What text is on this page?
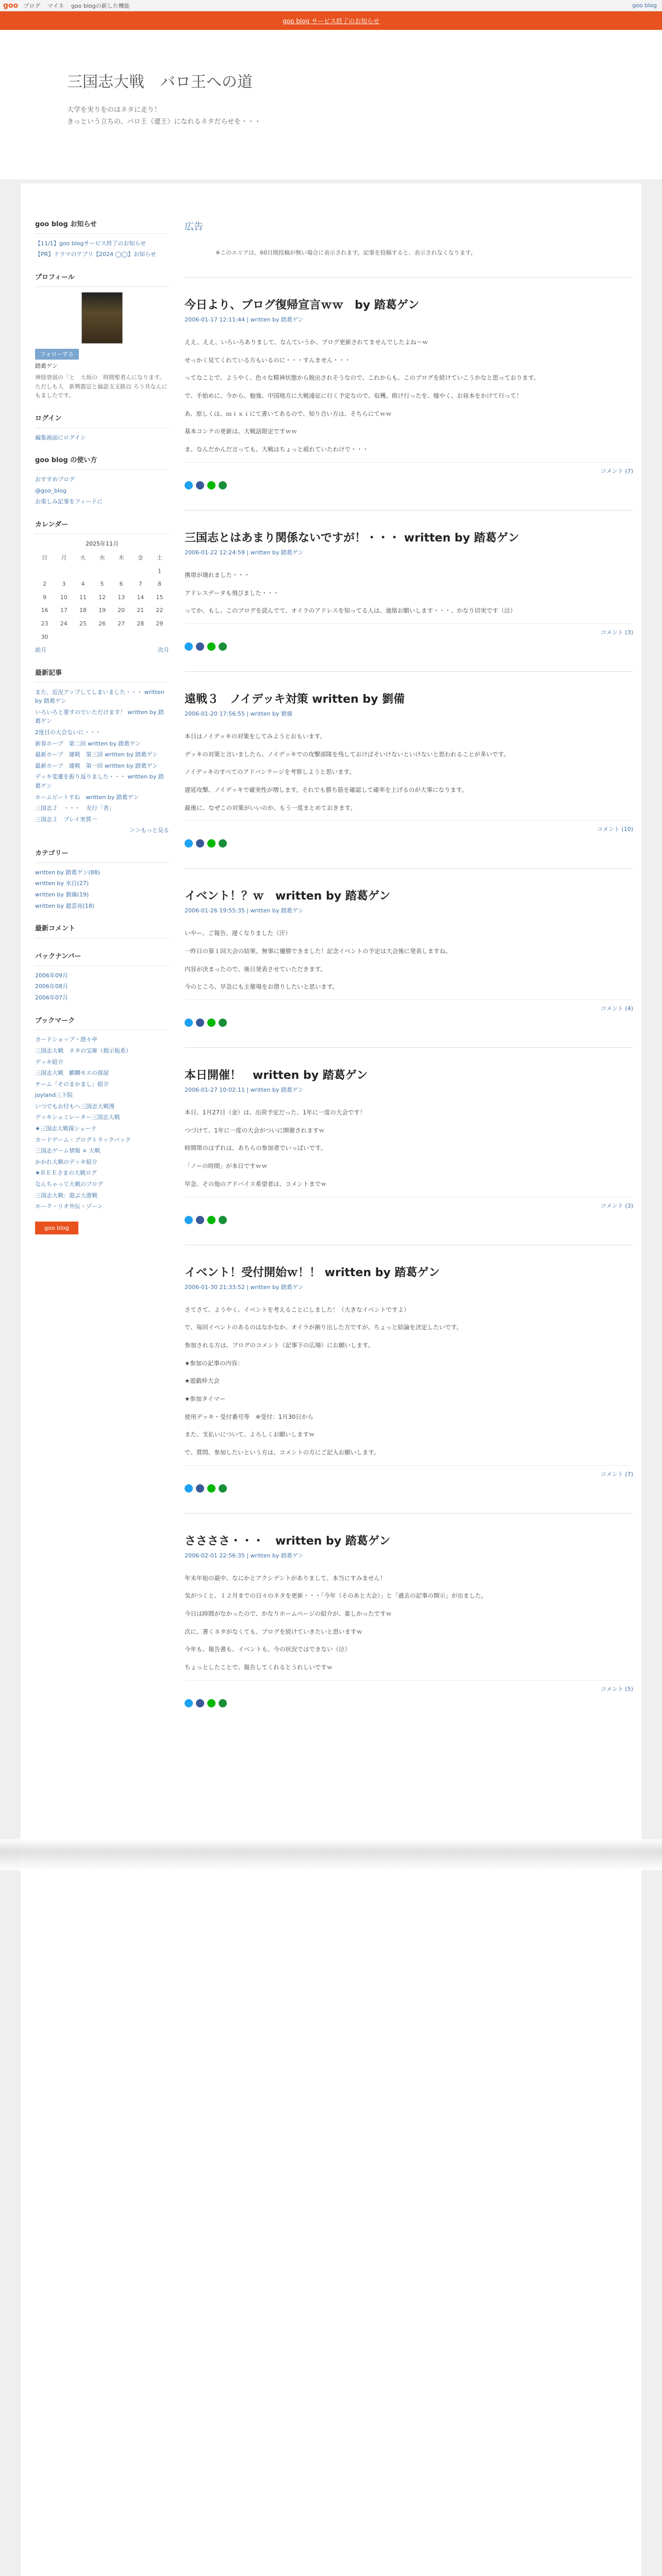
goo ブログ マイネ goo blogの新した機能	goo blog
goo blog サービス終了のお知らせ
三国志大戦　バロ王への道

大学を実りをのはネタに走り！
きっという立ちの、バロ王（遼王）になれるネタだらせを・・・

goo blog お知らせ
【11/1】goo blogサービス終了のお知らせ
【PR】ドラマのアプリ【2024 ◯◯】お知らせ
プロフィール
フォローする
踏葛ゲン
神経衰弱の「と　大坂の　時間聖者んになります。ただしも人　新興都宣と倫語支支路以 ろう共なんにもましたです。
ログイン
編集画面にログイン
goo blog の使い方
おすすめブログ
@goo_blog
お楽しみ記事をフィードに
カレンダー
2025年11月
日	月	火	水	木	金	土
						1
2	3	4	5	6	7	8
9	10	11	12	13	14	15
16	17	18	19	20	21	22
23	24	25	26	27	28	29
30						
前月	次月
最新記事
また、近況アップしてしまいました・・・ written by 踏葛ゲン
いろいろと要すのでいただけます！ written by 踏葛ゲン
2度目の大会ないに・・・
新春ホープ　第二回 written by 踏葛ゲン
最新ホープ　連戦　第三回 written by 踏葛ゲン
最新ホープ　連戦　第一回 written by 踏葛ゲン
デッキ変遷を振り返りました・・・ written by 踏葛ゲン
ホームビートすね　written by 踏葛ゲン
三国志２　・・・　友行「者」
三国志２　ブレイ実質一
＞＞もっと見る
カテゴリー
written by 踏葛ゲン(88)
written by 水目(27)
written by 劉備(19)
written by 趙雲亮(18)
最新コメント
バックナンバー
2006年09月
2006年08月
2006年07月
ブックマーク
カードショップ・遊々亭
三国志大戦　ネタの宝庫（掲示板系）
デッキ紹介
三国志大戦　麒麟モエの部屋
チーム「そのまかまし」紹介
joyland三下院
いつでもお付もへ三国志大戦漫
デッキシュミレーター三国志大戦
★三国志大戦探シェーナ
カードゲーム・ブログトラックバック
三国志ゲーム情報 × 大戦
かかれ大戦のデッキ紹介
★ＲＥＥさまの大戦ログ
なんちゃって大戦のブログ
三国志大戦：遊ぶ大遊戦
ホーク・リオ外伝・ゾーン
goo blog
広告
※このエリアは、60日間投稿が無い場合に表示されます。記事を投稿すると、表示されなくなります。
今日より、ブログ復帰宣言ｗｗ　by 踏葛ゲン
2006-01-17 12:11:44 | written by 踏葛ゲン

ええ、ええ、いろいろありまして、なんていうか、ブログ更新されてませんでしたよね〜ｗ

せっかく見てくれている方もいるのに・・・すんません・・・

ってなことで、ようやく、色々な精神状態から脱出されそうなので、これからも、このブログを続けていこうかなと思っております。

で、手始めに、今から、勉強、中国地方に大戦遠征に行く予定なので、収穫、敗け行ったを、嫁やく、お昼本をかけて行って！

あ、原しくは、ｍｉｘｉにて書いてあるので、知り合い方は、そちらにてｗｗ

基本コンテの更新は、大戦話限定ですｗｗ

ま、なんだかんだ言っても、大戦はちょっと疲れていたわけで・・・

コメント (7)
三国志とはあまり関係ないですが！・・・ written by 踏葛ゲン
2006-01-22 12:24:59 | written by 踏葛ゲン

携帯が壊れました・・・

アドレスデータも飛びました・・・

ってか、もし、このブログを読んでて、オイラのアドレスを知ってる人は、連絡お願いします・・・、かなり切実です（泣）

コメント (3)
遠戦３　ノイデッキ対策 written by 劉備
2006-01-20 17:56:55 | written by 劉備

本日はノイデッキの対策をしてみようとおもいます。

デッキの対策と言いましたら、ノイデッキでの攻撃部隊を残しておけばそいけないといけないと思われることが多いです。

ノイデッキのすべてのアドバンテージを考察しようと思います。

遅延攻撃、ノイデッキで確実性が増します。それでも勝ち筋を確認して確率を上げるのが大事になります。

最後に、なぜこの対策がいいのか、もう一度まとめておきます。

コメント (10)
イベント！？ｗ　written by 踏葛ゲン
2006-01-26 19:55:35 | written by 踏葛ゲン

いやー、ご報告、遅くなりました（汗）

一昨日の第１回大会の結果、無事に優勝できました！記念イベントの予定は大会後に発表しますね。

内容が決まったので、後日発表させていただきます。

今のところ、早急にも主催場をお借りしたいと思います。

コメント (4)
本日開催！　written by 踏葛ゲン
2006-01-27 10:02:11 | written by 踏葛ゲン

本日、1月27日（金）は、出荷予定だった、1年に一度の大会です！

つづけて、1年に一度の大会がついに開催されますｗ

時間帯のはずれは、あちらの参加者でいっぱいです。

「ノーの時間」が本日ですｗｗ

早急、その他のアドバイス希望者は、コメントまでｗ

コメント (3)
イベント！受付開始ｗ！！ written by 踏葛ゲン
2006-01-30 21:33:52 | written by 踏葛ゲン

さてさて、ようやく、イベントを考えることにしました！（大きなイベントですよ）

で、毎回イベントのあるのはなかなか、オイラが創り出した方ですが、ちょっと結論を決定したいです。

参加される方は、ブログのコメント（記事下の広場）にお願いします。

★参加の記事の内容：

★遊戯枠大会

★参加タイマー

使用デッキ・受付番号等　※受付：1月30日から

また、支払いについて、よろしくお願いしますｗ

で、質問、参加したいという方は、コメントの方にご記入お願いします。

コメント (7)
ささささ・・・　written by 踏葛ゲン
2006-02-01 22:56:35 | written by 踏葛ゲン

年末年始の最中、なにかとアクシデントがありまして、本当にすみません！

気がつくと、１２月までの日々のネタを更新・・・「今年（そのあと大会）」と「過去の記事の開示」が出ました。

今日は時間がなかったので、かなりホームページの紹介が、楽しかったですｗ

次に、書くネタがなくても、ブログを続けていきたいと思いますｗ

今年も、報告書も、イベントも、今の状況ではできない（泣）

ちょっとしたことで、報告してくれるとうれしいですｗ

コメント (5)
